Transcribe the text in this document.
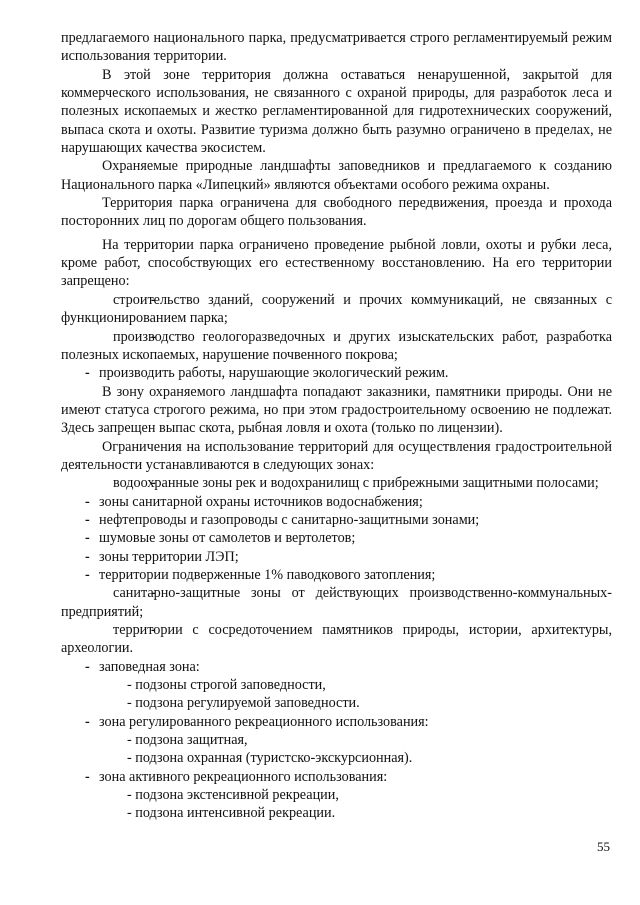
предлагаемого национального парка, предусматривается строго регламентируемый режим использования территории.

В этой зоне территория должна оставаться ненарушенной, закрытой для коммерческого использования, не связанного с охраной природы, для разработок леса и полезных ископаемых и жестко регламентированной для гидротехнических сооружений, выпаса скота и охоты. Развитие туризма должно быть разумно ограничено в пределах, не нарушающих качества экосистем.

Охраняемые природные ландшафты заповедников и предлагаемого к созданию Национального парка «Липецкий» являются объектами особого режима охраны.

Территория парка ограничена для свободного передвижения, проезда и прохода посторонних лиц по дорогам общего пользования.

На территории парка ограничено проведение рыбной ловли, охоты и рубки леса, кроме работ, способствующих его естественному восстановлению. На его территории запрещено:

- строительство зданий, сооружений и прочих коммуникаций, не связанных с функционированием парка;

- производство геологоразведочных и других изыскательских работ, разработка полезных ископаемых, нарушение почвенного покрова;

- производить работы, нарушающие экологический режим.

В зону охраняемого ландшафта попадают заказники, памятники природы. Они не имеют статуса строгого режима, но при этом градостроительному освоению не подлежат. Здесь запрещен выпас скота, рыбная ловля и охота (только по лицензии).

Ограничения на использование территорий для осуществления градостроительной деятельности устанавливаются в следующих зонах:

- водоохранные зоны рек и водохранилищ с прибрежными защитными полосами;

- зоны санитарной охраны источников водоснабжения;

- нефтепроводы и газопроводы с санитарно-защитными зонами;

- шумовые зоны от самолетов и вертолетов;

- зоны территории ЛЭП;

- территории подверженные 1% паводкового затопления;

- санитарно-защитные зоны от действующих производственно-коммунальных-предприятий;

- территории с сосредоточением памятников природы, истории, архитектуры, археологии.

- заповедная зона:

- подзоны строгой заповедности,

- подзона регулируемой заповедности.

- зона регулированного рекреационного использования:

- подзона защитная,

- подзона охранная (туристско-экскурсионная).

- зона активного рекреационного использования:

- подзона экстенсивной рекреации,

- подзона интенсивной рекреации.

55
